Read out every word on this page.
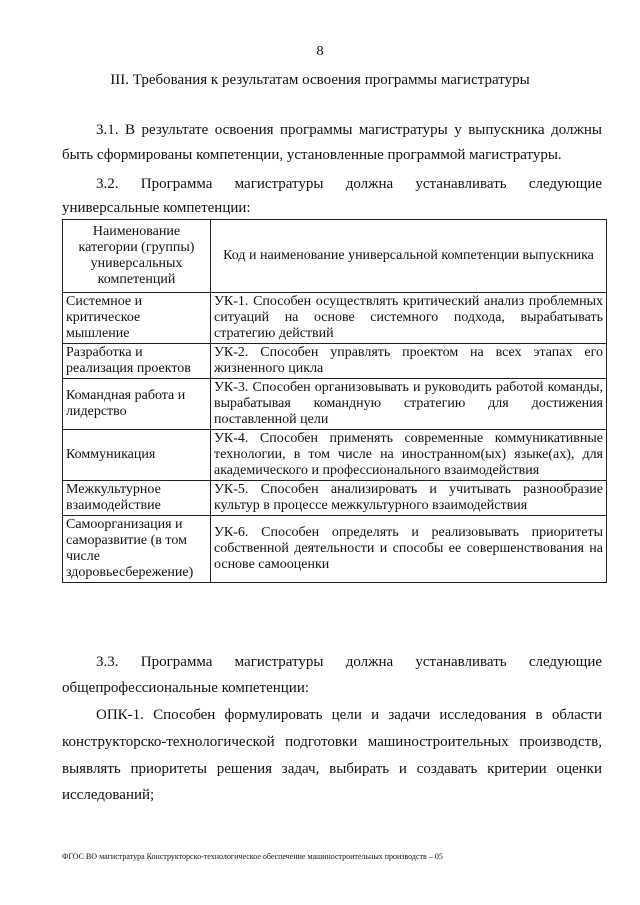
8
III. Требования к результатам освоения программы магистратуры
3.1. В результате освоения программы магистратуры у выпускника должны
быть сформированы компетенции, установленные программой магистратуры.
3.2. Программа магистратуры должна устанавливать следующие
универсальные компетенции:
Наименование категории (группы) универсальных компетенций	Код и наименование универсальной компетенции выпускника
Системное и критическое мышление	УК-1. Способен осуществлять критический анализ проблемных ситуаций на основе системного подхода, вырабатывать стратегию действий
Разработка и реализация проектов	УК-2. Способен управлять проектом на всех этапах его жизненного цикла
Командная работа и лидерство	УК-3. Способен организовывать и руководить работой команды, вырабатывая командную стратегию для достижения поставленной цели
Коммуникация	УК-4. Способен применять современные коммуникативные технологии, в том числе на иностранном(ых) языке(ах), для академического и профессионального взаимодействия
Межкультурное взаимодействие	УК-5. Способен анализировать и учитывать разнообразие культур в процессе межкультурного взаимодействия
Самоорганизация и саморазвитие (в том числе здоровьесбережение)	УК-6. Способен определять и реализовывать приоритеты собственной деятельности и способы ее совершенствования на основе самооценки
3.3. Программа магистратуры должна устанавливать следующие
общепрофессиональные компетенции:
ОПК-1. Способен формулировать цели и задачи исследования в области
конструкторско-технологической подготовки машиностроительных производств,
выявлять приоритеты решения задач, выбирать и создавать критерии оценки
исследований;
ФГОС ВО магистратура Конструкторско-технологическое обеспечение машиностроительных производств – 05
